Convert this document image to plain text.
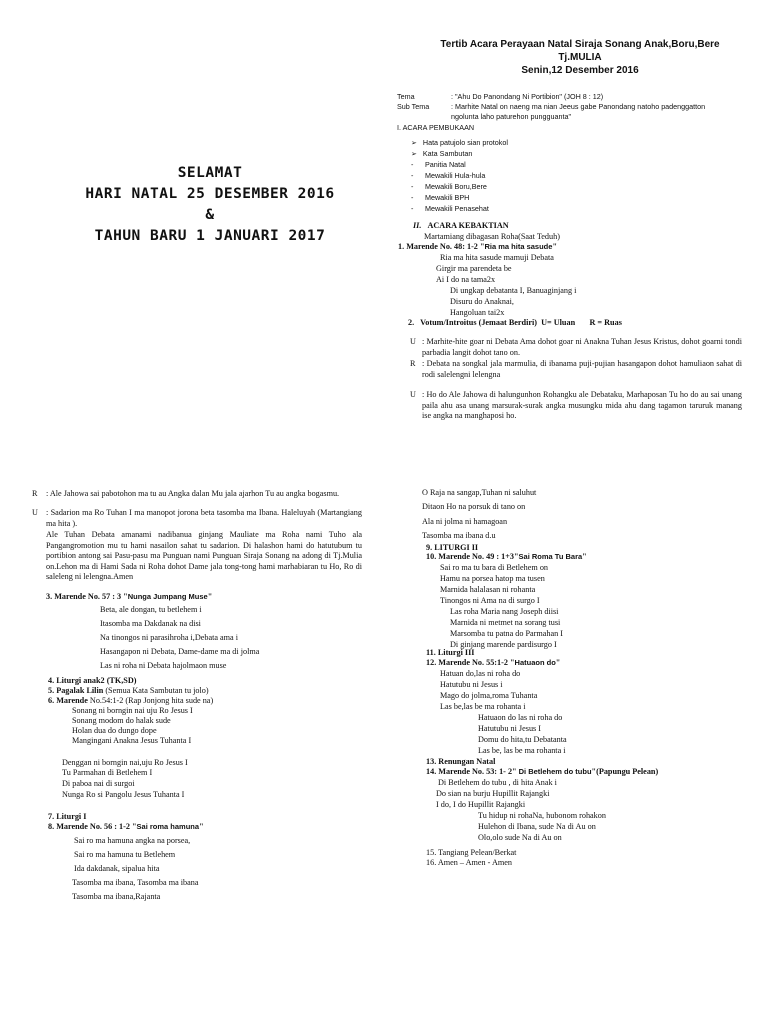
Tertib Acara Perayaan Natal Siraja Sonang Anak,Boru,Bere
Tj.MULIA
Senin,12 Desember 2016
SELAMAT
HARI NATAL 25 DESEMBER 2016
&
TAHUN BARU 1 JANUARI 2017
Tema	: "Ahu Do Panondang Ni Portibion" (JOH 8 : 12)
Sub Tema	: Marhite Natal on naeng ma nian Jeeus gabe Panondang natoho padenggatton
ngolunta laho paturehon pungguanta"
I. ACARA PEMBUKAAN
➢ Hata patujolo sian protokol
➢ Kata Sambutan
- Panitia Natal
- Mewakili Hula-hula
- Mewakili Boru,Bere
- Mewakili BPH
- Mewakili Penasehat
II. ACARA KEBAKTIAN
Martamiang dibagasan Roha(Saat Teduh)
1. Marende No. 48: 1-2 "Ria ma hita sasude"
Ria ma hita sasude mamuji Debata
Girgir ma parendeta be
Ai I do na tama2x
Di ungkap debatanta I, Banuaginjang i
Disuru do Anaknai,
Hangoluan tai2x
2.   Votum/Introitus (Jemaat Berdiri)  U= Uluan       R = Ruas
U : Marhite-hite goar ni Debata Ama dohot goar ni Anakna Tuhan Jesus Kristus, dohot goarni tondi parbadia langit dohot tano on.
R : Debata na songkal jala marmulia, di ibanama puji-pujian hasangapon dohot hamuliaon sahat di rodi salelengni lelengna
U : Ho do Ale Jahowa di halungunhon Rohangku ale Debataku, Marhaposan Tu ho do au sai unang paila ahu asa unang marsurak-surak angka musungku mida ahu dang tagamon taruruk manang ise angka na manghaposi ho.
R : Ale Jahowa sai pabotohon ma tu au Angka dalan Mu jala ajarhon Tu au angka bogasmu.
U : Sadarion ma Ro Tuhan I ma manopot jorona beta tasomba ma Ibana. Haleluyah (Martangiang ma hita ).
Ale Tuhan Debata amanami nadibanua ginjang Mauliate ma Roha nami Tuho ala Pangangromotion mu tu hami nasailon sahat tu sadarion. Di halashon hami do hatutubum tu portibion antong sai Pasu-pasu ma Punguan nami Punguan Siraja Sonang na adong di Tj.Mulia on.Lehon ma di Hami Sada ni Roha dohot Dame jala tong-tong hami marhabiaran tu Ho, Ro di saleleng ni lelengna.Amen
3. Marende No. 57 : 3 "Nunga Jumpang Muse"
Beta, ale dongan, tu betlehem i
Itasomba ma Dakdanak na disi
Na tinongos ni parasihroha i,Debata ama i
Hasangapon ni Debata, Dame-dame ma di jolma
Las ni roha ni Debata hajolmaon muse
4. Liturgi anak2 (TK,SD)
5. Pagalak Lilin (Semua Kata Sambutan tu jolo)
6. Marende No.54:1-2 (Rap Jonjong hita sude na)
Sonang ni borngin nai uju Ro Jesus I
Sonang modom do halak sude
Holan dua do dungo dope
Mangingani Anakna Jesus Tuhanta I
Denggan ni borngin nai,uju Ro Jesus I
Tu Parmahan di Betlehem I
Di paboa nai di surgoi
Nunga Ro si Pangolu Jesus Tuhanta I
7. Liturgi I
8. Marende No. 56 : 1-2 "Sai roma hamuna"
Sai ro ma hamuna angka na porsea,
Sai ro ma hamuna tu Betlehem
Ida dakdanak, sipalua hita
Tasomba ma ibana, Tasomba ma ibana
Tasomba ma ibana,Rajanta
O Raja na sangap,Tuhan ni saluhut
Ditaon Ho na porsuk di tano on
Ala ni jolma ni hamagoan
Tasomba ma ibana d.u
9. LITURGI II
10. Marende No. 49 : 1+3"Sai Roma Tu Bara"
Sai ro ma tu bara di Betlehem on
Hamu na porsea hatop ma tusen
Marnida halalasan ni rohanta
Tinongos ni Ama na di surgo I
Las roha Maria nang Joseph diisi
Marnida ni metmet na sorang tusi
Marsomba tu patna do Parmahan I
Di ginjang marende pardisurgo I
11. Liturgi III
12. Marende No. 55:1-2 "Hatuaon do"
Hatuan do,las ni roha do
Hatutubu ni Jesus i
Mago do jolma,roma Tuhanta
Las be,las be ma rohanta i
Hatuaon do las ni roha do
Hatutubu ni Jesus I
Domu do hita,tu Debatanta
Las be, las be ma rohanta i
13. Renungan Natal
14. Marende No. 53: 1- 2" Di Betlehem do tubu"(Papungu Pelean)
Di Betlehem do tubu , di hita Anak i
Do sian na burju Hupillit Rajangki
I do, I do Hupillit Rajangki
Tu hidup ni rohaNa, hubonom rohakon
Hulehon di Ibana, sude Na di Au on
Olo,olo sude Na di Au on
15. Tangiang Pelean/Berkat
16. Amen – Amen - Amen
